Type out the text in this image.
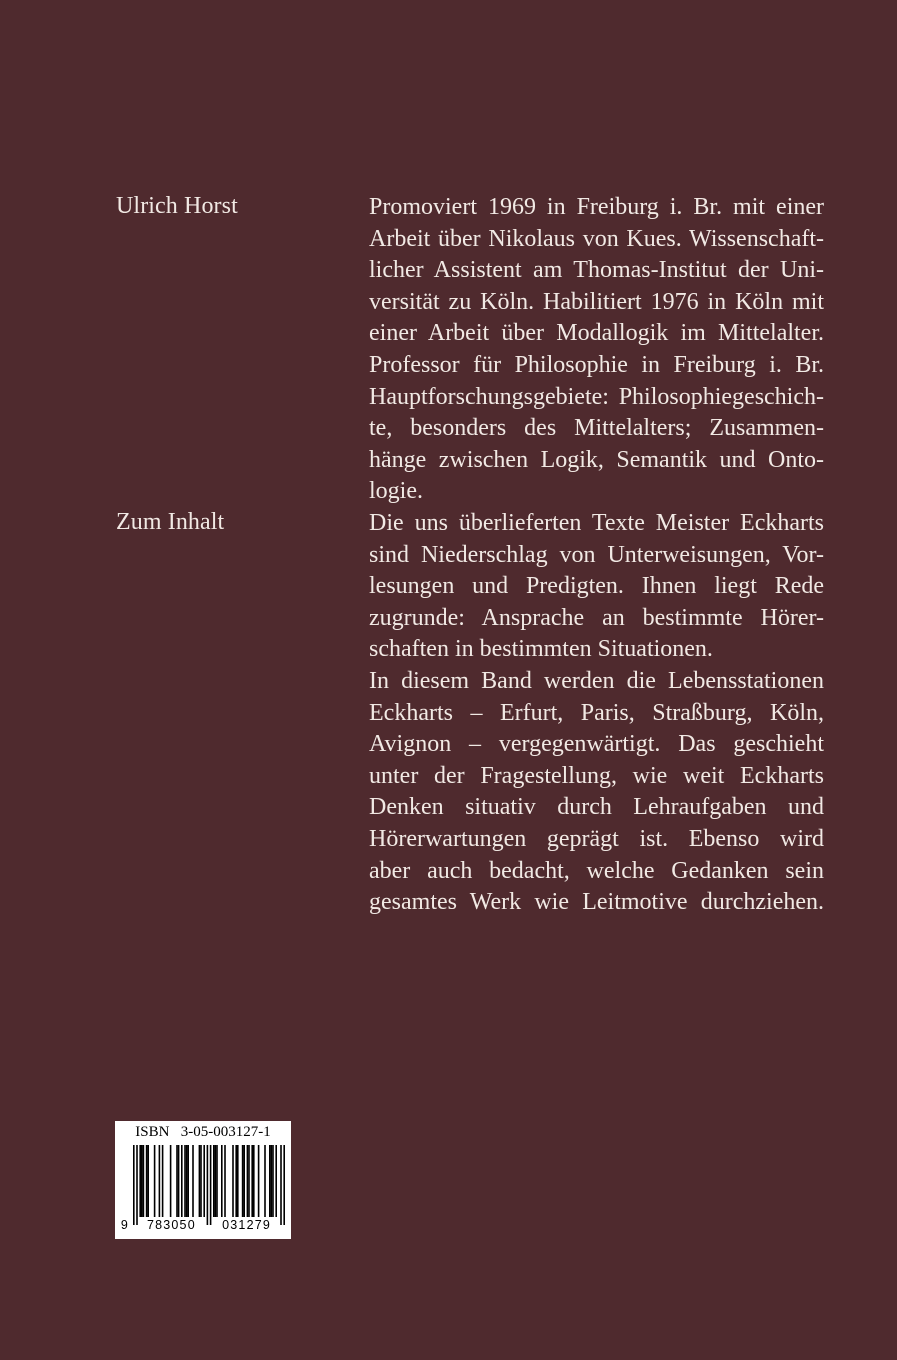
Ulrich Horst	Promoviert 1969 in Freiburg i. Br. mit einer
Arbeit über Nikolaus von Kues. Wissenschaft-
licher Assistent am Thomas-Institut der Uni-
versität zu Köln. Habilitiert 1976 in Köln mit
einer Arbeit über Modallogik im Mittelalter.
Professor für Philosophie in Freiburg i. Br.
Hauptforschungsgebiete: Philosophiegeschich-
te, besonders des Mittelalters; Zusammen-
hänge zwischen Logik, Semantik und Onto-
logie.
Zum Inhalt	Die uns überlieferten Texte Meister Eckharts
sind Niederschlag von Unterweisungen, Vor-
lesungen und Predigten. Ihnen liegt Rede
zugrunde: Ansprache an bestimmte Hörer-
schaften in bestimmten Situationen.
In diesem Band werden die Lebensstationen
Eckharts – Erfurt, Paris, Straßburg, Köln,
Avignon – vergegenwärtigt. Das geschieht
unter der Fragestellung, wie weit Eckharts
Denken situativ durch Lehraufgaben und
Hörerwartungen geprägt ist. Ebenso wird
aber auch bedacht, welche Gedanken sein
gesamtes Werk wie Leitmotive durchziehen.
ISBN   3-05-003127-1
9 783050 031279
